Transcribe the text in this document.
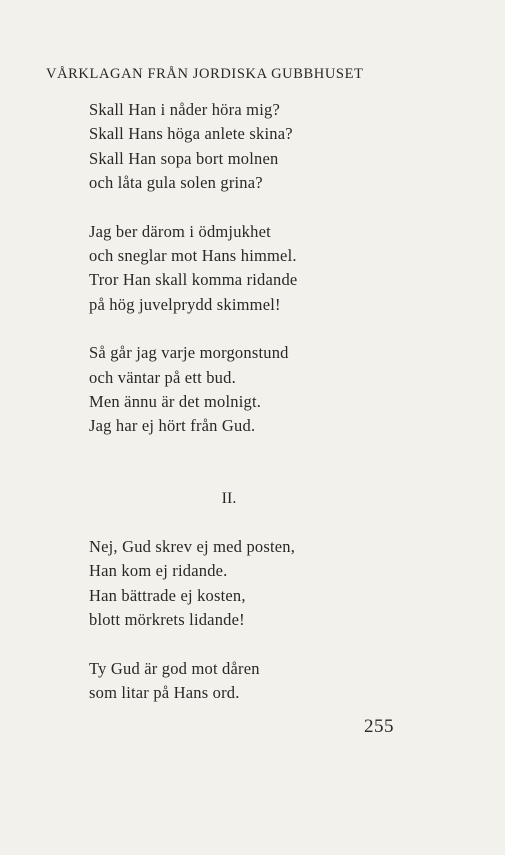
VÅRKLAGAN FRÅN JORDISKA GUBBHUSET
Skall Han i nåder höra mig?
Skall Hans höga anlete skina?
Skall Han sopa bort molnen
och låta gula solen grina?
Jag ber därom i ödmjukhet
och sneglar mot Hans himmel.
Tror Han skall komma ridande
på hög juvelprydd skimmel!
Så går jag varje morgonstund
och väntar på ett bud.
Men ännu är det molnigt.
Jag har ej hört från Gud.
II.
Nej, Gud skrev ej med posten,
Han kom ej ridande.
Han bättrade ej kosten,
blott mörkrets lidande!
Ty Gud är god mot dåren
som litar på Hans ord.
255
